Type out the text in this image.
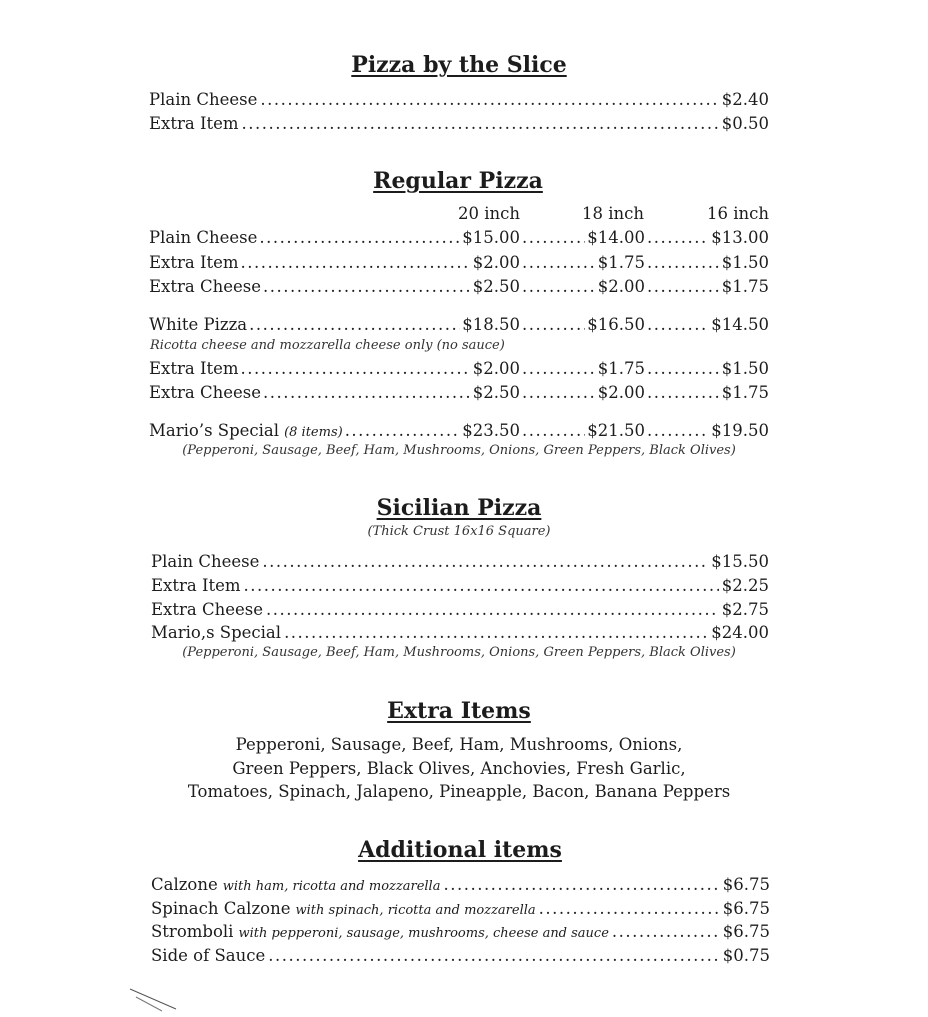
Pizza by the Slice
Plain Cheese .....	$2.40
Extra Item .....	$0.50
Regular Pizza
20 inch	18 inch	16 inch
Plain Cheese .....	$15.00 .....	$14.00 .....	$13.00
Extra Item .....	$2.00 .....	$1.75 .....	$1.50
Extra Cheese .....	$2.50 .....	$2.00 .....	$1.75
White Pizza .....	$18.50 .....	$16.50 .....	$14.50
Extra Item .....	$2.00 .....	$1.75 .....	$1.50
Extra Cheese .....	$2.50 .....	$2.00 .....	$1.75
Mario’s Special (8 items) .....	$23.50 .....	$21.50 .....	$19.50
Ricotta cheese and mozzarella cheese only (no sauce)
(Pepperoni, Sausage, Beef, Ham, Mushrooms, Onions, Green Peppers, Black Olives)
Sicilian Pizza
(Thick Crust 16x16 Square)
Plain Cheese .....	$15.50
Extra Item .....	$2.25
Extra Cheese .....	$2.75
Mario,s Special .....	$24.00
(Pepperoni, Sausage, Beef, Ham, Mushrooms, Onions, Green Peppers, Black Olives)
Extra Items
Pepperoni, Sausage, Beef, Ham, Mushrooms, Onions,
Green Peppers, Black Olives, Anchovies, Fresh Garlic,
Tomatoes, Spinach, Jalapeno, Pineapple, Bacon, Banana Peppers
Additional items
Calzone with ham, ricotta and mozzarella .....	$6.75
Spinach Calzone with spinach, ricotta and mozzarella .....	$6.75
Stromboli with pepperoni, sausage, mushrooms, cheese and sauce .....	$6.75
Side of Sauce .....	$0.75
